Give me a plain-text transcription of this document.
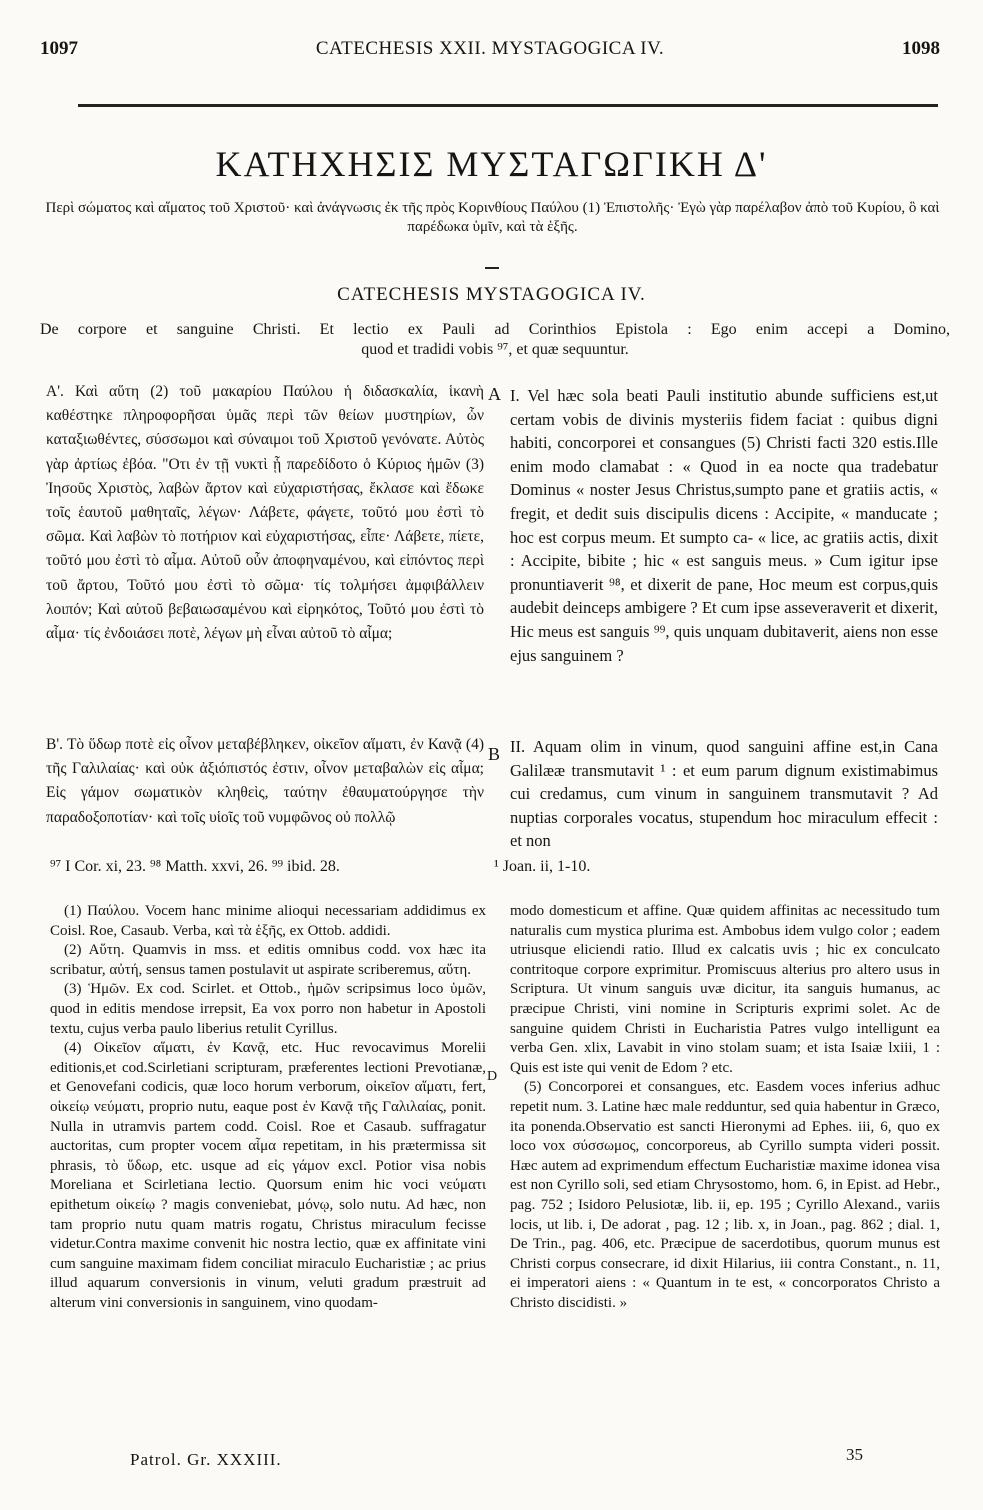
1097	CATECHESIS XXII. MYSTAGOGICA IV.	1098
ΚΑΤΗΧΗΣΙΣ ΜΥΣΤΑΓΩΓΙΚΗ Δ'
Περὶ σώματος καὶ αἵματος τοῦ Χριστοῦ· καὶ ἀνάγνωσις ἐκ τῆς πρὸς Κορινθίους Παύλου (1) Ἐπιστολῆς· Ἐγὼ γὰρ παρέλαβον ἀπὸ τοῦ Κυρίου, ὃ καὶ παρέδωκα ὑμῖν, καὶ τὰ ἑξῆς.
CATECHESIS MYSTAGOGICA IV.
De corpore et sanguine Christi. Et lectio ex Pauli ad Corinthios Epistola : Ego enim accepi a Domino,
quod et tradidi vobis ⁹⁷, et quæ sequuntur.
A
B
D

Α'. Καὶ αὕτη (2) τοῦ μακαρίου Παύλου ἡ διδασκαλία, ἱκανὴ καθέστηκε πληροφορῆσαι ὑμᾶς περὶ τῶν θείων μυστηρίων, ὧν καταξιωθέντες, σύσσωμοι καὶ σύναιμοι τοῦ Χριστοῦ γενόνατε. Αὐτὸς γὰρ ἀρτίως ἐβόα. "Οτι ἐν τῇ νυκτὶ ᾗ παρεδίδοτο ὁ Κύριος ἡμῶν (3) Ἰησοῦς Χριστὸς, λαβὼν ἄρτον καὶ εὐχαριστήσας, ἔκλασε καὶ ἔδωκε τοῖς ἑαυτοῦ μαθηταῖς, λέγων· Λάβετε, φάγετε, τοῦτό μου ἐστὶ τὸ σῶμα. Καὶ λαβὼν τὸ ποτήριον καὶ εὐχαριστήσας, εἶπε· Λάβετε, πίετε, τοῦτό μου ἐστὶ τὸ αἷμα. Αὐτοῦ οὖν ἀποφηναμένου, καὶ εἰπόντος περὶ τοῦ ἄρτου, Τοῦτό μου ἐστὶ τὸ σῶμα· τίς τολμήσει ἀμφιβάλλειν λοιπόν; Καὶ αὐτοῦ βεβαιωσαμένου καὶ εἰρηκότος, Τοῦτό μου ἐστὶ τὸ αἷμα· τίς ἐνδοιάσει ποτὲ, λέγων μὴ εἶναι αὐτοῦ τὸ αἷμα;

I. Vel hæc sola beati Pauli institutio abunde sufficiens est,ut certam vobis de divinis mysteriis fidem faciat : quibus digni habiti, concorporei et consangues (5) Christi facti 320 estis.Ille enim modo clamabat : « Quod in ea nocte qua tradebatur Dominus « noster Jesus Christus,sumpto pane et gratiis actis, « fregit, et dedit suis discipulis dicens : Accipite, « manducate ; hoc est corpus meum. Et sumpto ca- « lice, ac gratiis actis, dixit : Accipite, bibite ; hic « est sanguis meus. » Cum igitur ipse pronuntiaverit ⁹⁸, et dixerit de pane, Hoc meum est corpus,quis audebit deinceps ambigere ? Et cum ipse asseveraverit et dixerit, Hic meus est sanguis ⁹⁹, quis unquam dubitaverit, aiens non esse ejus sanguinem ?

Β'. Τὸ ὕδωρ ποτὲ εἰς οἶνον μεταβέβληκεν, οἰκεῖον αἵματι, ἐν Κανᾷ (4) τῆς Γαλιλαίας· καὶ οὐκ ἀξιόπιστός ἐστιν, οἶνον μεταβαλὼν εἰς αἷμα; Εἰς γάμον σωματικὸν κληθεὶς, ταύτην ἐθαυματούργησε τὴν παραδοξοποτίαν· καὶ τοῖς υἱοῖς τοῦ νυμφῶνος οὐ πολλῷ

II. Aquam olim in vinum, quod sanguini affine est,in Cana Galilææ transmutavit ¹ : et eum parum dignum existimabimus cui credamus, cum vinum in sanguinem transmutavit ? Ad nuptias corporales vocatus, stupendum hoc miraculum effecit : et non

⁹⁷ I Cor. xi, 23. ⁹⁸ Matth. xxvi, 26. ⁹⁹ ibid. 28.	¹ Joan. ii, 1-10.

(1) Παύλου. Vocem hanc minime alioqui necessariam addidimus ex Coisl. Roe, Casaub. Verba, καὶ τὰ ἑξῆς, ex Ottob. addidi.

(2) Αὕτη. Quamvis in mss. et editis omnibus codd. vox hæc ita scribatur, αὐτή, sensus tamen postulavit ut aspirate scriberemus, αὕτη.

(3) Ἡμῶν. Ex cod. Scirlet. et Ottob., ἡμῶν scripsimus loco ὑμῶν, quod in editis mendose irrepsit, Ea vox porro non habetur in Apostoli textu, cujus verba paulo liberius retulit Cyrillus.

(4) Οἰκεῖον αἵματι, ἐν Κανᾷ, etc. Huc revocavimus Morelii editionis,et cod.Scirletiani scripturam, præferentes lectioni Prevotianæ, et Genovefani codicis, quæ loco horum verborum, οἰκεῖον αἵματι, fert, οἰκείῳ νεύματι, proprio nutu, eaque post ἐν Κανᾷ τῆς Γαλιλαίας, ponit. Nulla in utramvis partem codd. Coisl. Roe et Casaub. suffragatur auctoritas, cum propter vocem αἷμα repetitam, in his prætermissa sit phrasis, τὸ ὕδωρ, etc. usque ad εἰς γάμον excl. Potior visa nobis Moreliana et Scirletiana lectio. Quorsum enim hic voci νεύματι epithetum οἰκείῳ ? magis conveniebat, μόνῳ, solo nutu. Ad hæc, non tam proprio nutu quam matris rogatu, Christus miraculum fecisse videtur.Contra maxime convenit hic nostra lectio, quæ ex affinitate vini cum sanguine maximam fidem conciliat miraculo Eucharistiæ ; ac prius illud aquarum conversionis in vinum, veluti gradum præstruit ad alterum vini conversionis in sanguinem, vino quodam-

modo domesticum et affine. Quæ quidem affinitas ac necessitudo tum naturalis cum mystica plurima est. Ambobus idem vulgo color ; eadem utriusque eliciendi ratio. Illud ex calcatis uvis ; hic ex conculcato contritoque corpore exprimitur. Promiscuus alterius pro altero usus in Scriptura. Ut vinum sanguis uvæ dicitur, ita sanguis humanus, ac præcipue Christi, vini nomine in Scripturis exprimi solet. Ac de sanguine quidem Christi in Eucharistia Patres vulgo intelligunt ea verba Gen. xlix, Lavabit in vino stolam suam; et ista Isaiæ lxiii, 1 : Quis est iste qui venit de Edom ? etc.

(5) Concorporei et consangues, etc. Easdem voces inferius adhuc repetit num. 3. Latine hæc male redduntur, sed quia habentur in Græco, ita ponenda.Observatio est sancti Hieronymi ad Ephes. iii, 6, quo ex loco vox σύσσωμος, concorporeus, ab Cyrillo sumpta videri possit. Hæc autem ad exprimendum effectum Eucharistiæ maxime idonea visa est non Cyrillo soli, sed etiam Chrysostomo, hom. 6, in Epist. ad Hebr., pag. 752 ; Isidoro Pelusiotæ, lib. ii, ep. 195 ; Cyrillo Alexand., variis locis, ut lib. i, De adorat , pag. 12 ; lib. x, in Joan., pag. 862 ; dial. 1, De Trin., pag. 406, etc. Præcipue de sacerdotibus, quorum munus est Christi corpus consecrare, id dixit Hilarius, iii contra Constant., n. 11, ei imperatori aiens : « Quantum in te est, « concorporatos Christo a Christo discidisti. »

Patrol. Gr. XXXIII.	35
